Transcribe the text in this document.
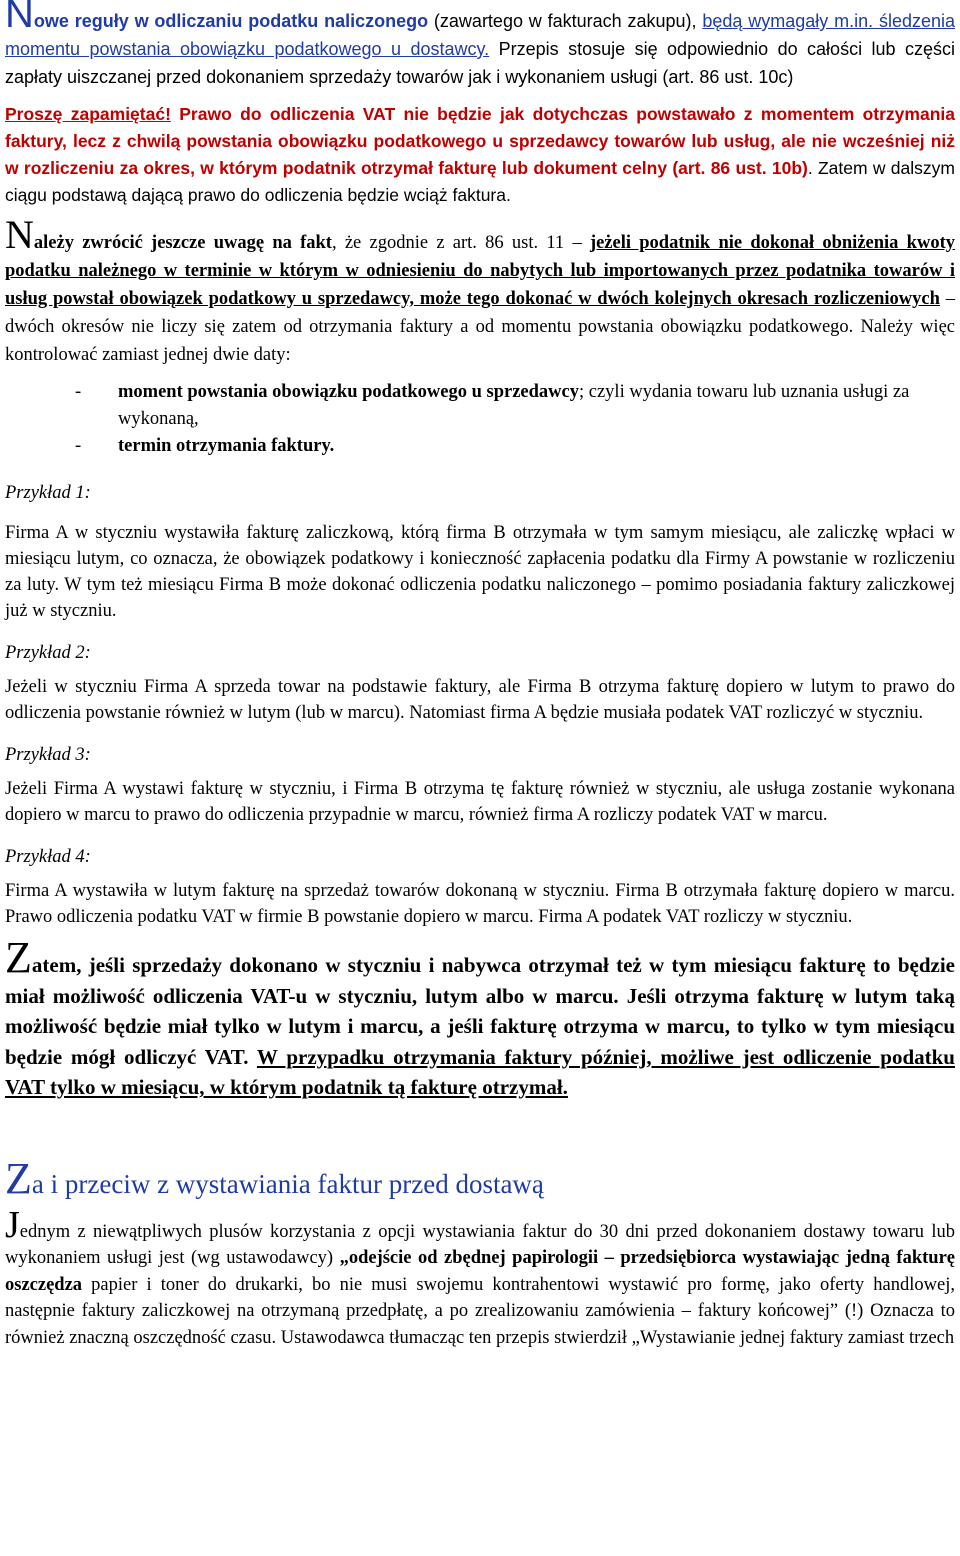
Nowe reguły w odliczaniu podatku naliczonego (zawartego w fakturach zakupu), będą wymagały m.in. śledzenia momentu powstania obowiązku podatkowego u dostawcy. Przepis stosuje się odpowiednio do całości lub części zapłaty uiszczanej przed dokonaniem sprzedaży towarów jak i wykonaniem usługi (art. 86 ust. 10c)

Proszę zapamiętać! Prawo do odliczenia VAT nie będzie jak dotychczas powstawało z momentem otrzymania faktury, lecz z chwilą powstania obowiązku podatkowego u sprzedawcy towarów lub usług, ale nie wcześniej niż w rozliczeniu za okres, w którym podatnik otrzymał fakturę lub dokument celny (art. 86 ust. 10b). Zatem w dalszym ciągu podstawą dającą prawo do odliczenia będzie wciąż faktura.

Należy zwrócić jeszcze uwagę na fakt, że zgodnie z art. 86 ust. 11 – jeżeli podatnik nie dokonał obniżenia kwoty podatku należnego w terminie w którym w odniesieniu do nabytych lub importowanych przez podatnika towarów i usług powstał obowiązek podatkowy u sprzedawcy, może tego dokonać w dwóch kolejnych okresach rozliczeniowych – dwóch okresów nie liczy się zatem od otrzymania faktury a od momentu powstania obowiązku podatkowego. Należy więc kontrolować zamiast jednej dwie daty:

- moment powstania obowiązku podatkowego u sprzedawcy; czyli wydania towaru lub uznania usługi za wykonaną,
- termin otrzymania faktury.

Przykład 1:

Firma A w styczniu wystawiła fakturę zaliczkową, którą firma B otrzymała w tym samym miesiącu, ale zaliczkę wpłaci w miesiącu lutym, co oznacza, że obowiązek podatkowy i konieczność zapłacenia podatku dla Firmy A powstanie w rozliczeniu za luty. W tym też miesiącu Firma B może dokonać odliczenia podatku naliczonego – pomimo posiadania faktury zaliczkowej już w styczniu.

Przykład 2:

Jeżeli w styczniu Firma A sprzeda towar na podstawie faktury, ale Firma B otrzyma fakturę dopiero w lutym to prawo do odliczenia powstanie również w lutym (lub w marcu). Natomiast firma A będzie musiała podatek VAT rozliczyć w styczniu.

Przykład 3:

Jeżeli Firma A wystawi fakturę w styczniu, i Firma B otrzyma tę fakturę również w styczniu, ale usługa zostanie wykonana dopiero w marcu to prawo do odliczenia przypadnie w marcu, również firma A rozliczy podatek VAT w marcu.

Przykład 4:

Firma A wystawiła w lutym fakturę na sprzedaż towarów dokonaną w styczniu. Firma B otrzymała fakturę dopiero w marcu. Prawo odliczenia podatku VAT w firmie B powstanie dopiero w marcu. Firma A podatek VAT rozliczy w styczniu.

Zatem, jeśli sprzedaży dokonano w styczniu i nabywca otrzymał też w tym miesiącu fakturę to będzie miał możliwość odliczenia VAT-u w styczniu, lutym albo w marcu. Jeśli otrzyma fakturę w lutym taką możliwość będzie miał tylko w lutym i marcu, a jeśli fakturę otrzyma w marcu, to tylko w tym miesiącu będzie mógł odliczyć VAT. W przypadku otrzymania faktury później, możliwe jest odliczenie podatku VAT tylko w miesiącu, w którym podatnik tą fakturę otrzymał.

Za i przeciw z wystawiania faktur przed dostawą

Jednym z niewątpliwych plusów korzystania z opcji wystawiania faktur do 30 dni przed dokonaniem dostawy towaru lub wykonaniem usługi jest (wg ustawodawcy) „odejście od zbędnej papirologii – przedsiębiorca wystawiając jedną fakturę oszczędza papier i toner do drukarki, bo nie musi swojemu kontrahentowi wystawić pro formę, jako oferty handlowej, następnie faktury zaliczkowej na otrzymaną przedpłatę, a po zrealizowaniu zamówienia – faktury końcowej” (!) Oznacza to również znaczną oszczędność czasu. Ustawodawca tłumacząc ten przepis stwierdził „Wystawianie jednej faktury zamiast trzech
